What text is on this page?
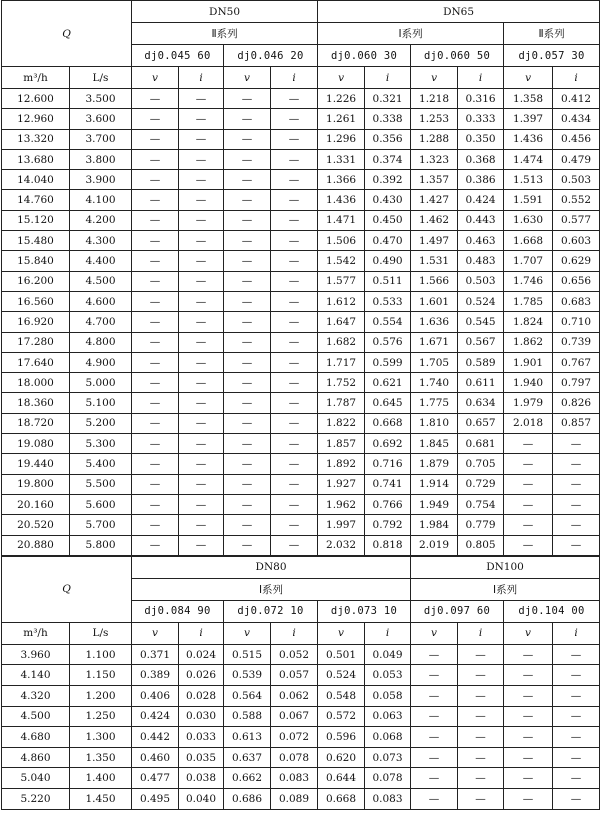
Q		DN50				DN65					
		Ⅱ系列				Ⅰ系列				Ⅱ系列	
		dj0.045 60		dj0.046 20		dj0.060 30		dj0.060 50		dj0.057 30	
m³/h	L/s	v	i	v	i	v	i	v	i	v	i
12.600	3.500	—	—	—	—	1.226	0.321	1.218	0.316	1.358	0.412
12.960	3.600	—	—	—	—	1.261	0.338	1.253	0.333	1.397	0.434
13.320	3.700	—	—	—	—	1.296	0.356	1.288	0.350	1.436	0.456
13.680	3.800	—	—	—	—	1.331	0.374	1.323	0.368	1.474	0.479
14.040	3.900	—	—	—	—	1.366	0.392	1.357	0.386	1.513	0.503
14.760	4.100	—	—	—	—	1.436	0.430	1.427	0.424	1.591	0.552
15.120	4.200	—	—	—	—	1.471	0.450	1.462	0.443	1.630	0.577
15.480	4.300	—	—	—	—	1.506	0.470	1.497	0.463	1.668	0.603
15.840	4.400	—	—	—	—	1.542	0.490	1.531	0.483	1.707	0.629
16.200	4.500	—	—	—	—	1.577	0.511	1.566	0.503	1.746	0.656
16.560	4.600	—	—	—	—	1.612	0.533	1.601	0.524	1.785	0.683
16.920	4.700	—	—	—	—	1.647	0.554	1.636	0.545	1.824	0.710
17.280	4.800	—	—	—	—	1.682	0.576	1.671	0.567	1.862	0.739
17.640	4.900	—	—	—	—	1.717	0.599	1.705	0.589	1.901	0.767
18.000	5.000	—	—	—	—	1.752	0.621	1.740	0.611	1.940	0.797
18.360	5.100	—	—	—	—	1.787	0.645	1.775	0.634	1.979	0.826
18.720	5.200	—	—	—	—	1.822	0.668	1.810	0.657	2.018	0.857
19.080	5.300	—	—	—	—	1.857	0.692	1.845	0.681	—	—
19.440	5.400	—	—	—	—	1.892	0.716	1.879	0.705	—	—
19.800	5.500	—	—	—	—	1.927	0.741	1.914	0.729	—	—
20.160	5.600	—	—	—	—	1.962	0.766	1.949	0.754	—	—
20.520	5.700	—	—	—	—	1.997	0.792	1.984	0.779	—	—
20.880	5.800	—	—	—	—	2.032	0.818	2.019	0.805	—	—
Q		DN80						DN100			
		Ⅰ系列						Ⅰ系列			
		dj0.084 90		dj0.072 10		dj0.073 10		dj0.097 60		dj0.104 00	
m³/h	L/s	v	i	v	i	v	i	v	i	v	i
3.960	1.100	0.371	0.024	0.515	0.052	0.501	0.049	—	—	—	—
4.140	1.150	0.389	0.026	0.539	0.057	0.524	0.053	—	—	—	—
4.320	1.200	0.406	0.028	0.564	0.062	0.548	0.058	—	—	—	—
4.500	1.250	0.424	0.030	0.588	0.067	0.572	0.063	—	—	—	—
4.680	1.300	0.442	0.033	0.613	0.072	0.596	0.068	—	—	—	—
4.860	1.350	0.460	0.035	0.637	0.078	0.620	0.073	—	—	—	—
5.040	1.400	0.477	0.038	0.662	0.083	0.644	0.078	—	—	—	—
5.220	1.450	0.495	0.040	0.686	0.089	0.668	0.083	—	—	—	—
